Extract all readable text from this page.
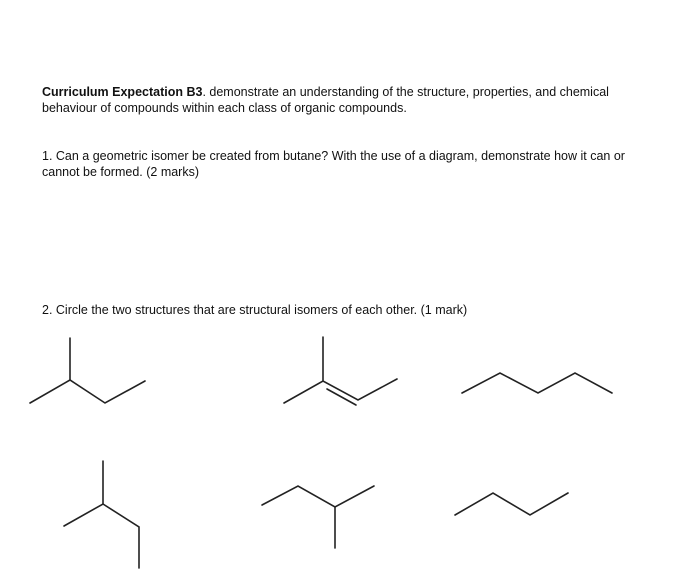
Curriculum Expectation B3. demonstrate an understanding of the structure, properties, and chemical behaviour of compounds within each class of organic compounds.
1. Can a geometric isomer be created from butane? With the use of a diagram, demonstrate how it can or cannot be formed. (2 marks)
2. Circle the two structures that are structural isomers of each other. (1 mark)
